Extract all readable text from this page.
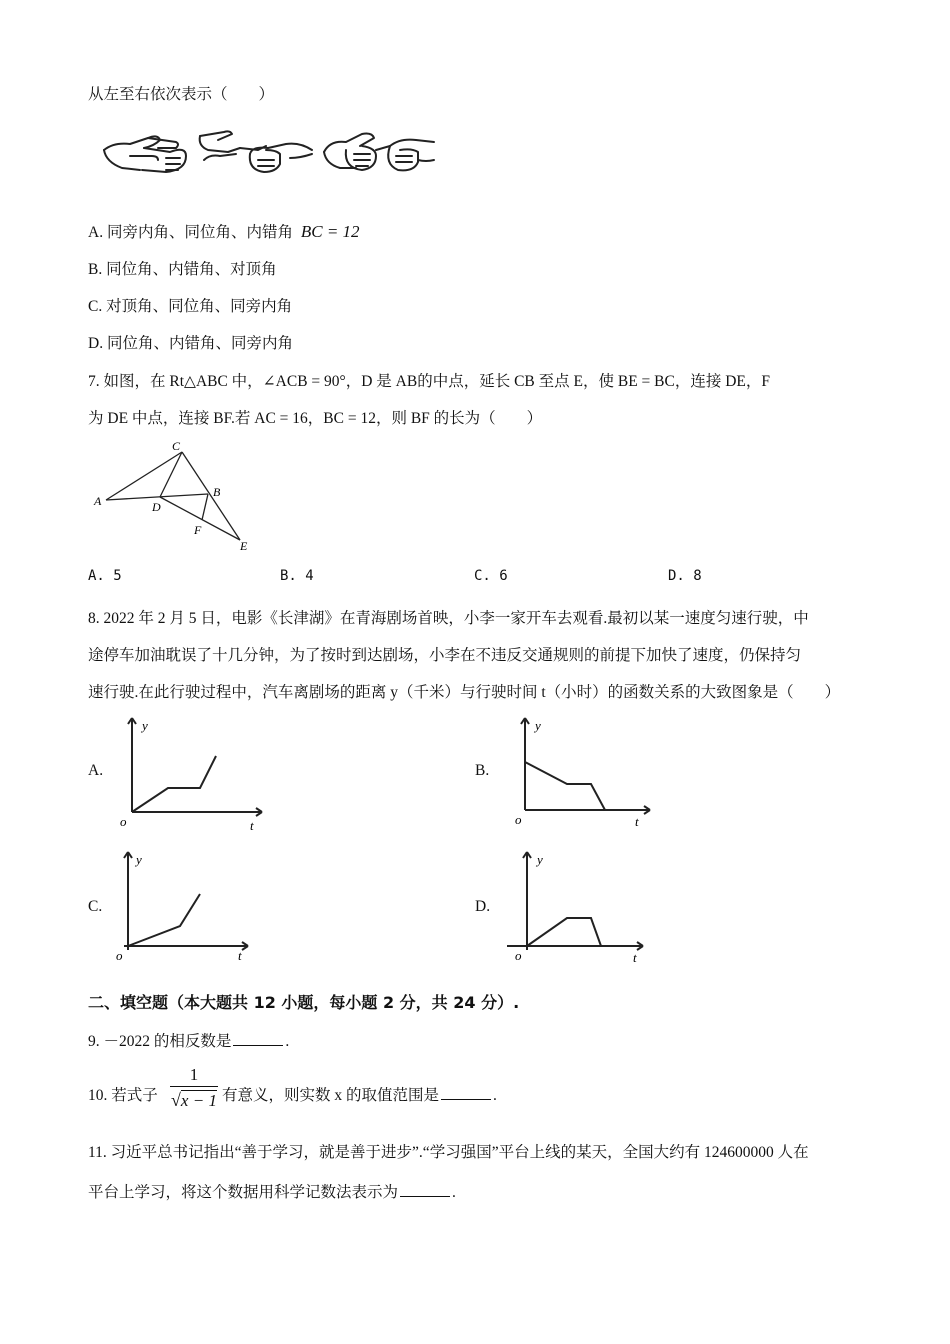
从左至右依次表示（　　）
A. 同旁内角、同位角、内错角 BC = 12
B. 同位角、内错角、对顶角
C. 对顶角、同位角、同旁内角
D. 同位角、内错角、同旁内角
7. 如图，在 Rt△ABC 中，∠ACB = 90°，D 是 AB的中点，延长 CB 至点 E，使 BE = BC，连接 DE，F
为 DE 中点，连接 BF.若 AC = 16，BC = 12，则 BF 的长为（　　）
C
A
B
D
F
E
A. 5	B. 4	C. 6	D. 8
8. 2022 年 2 月 5 日，电影《长津湖》在青海剧场首映，小李一家开车去观看.最初以某一速度匀速行驶，中
途停车加油耽误了十几分钟，为了按时到达剧场，小李在不违反交通规则的前提下加快了速度，仍保持匀
速行驶.在此行驶过程中，汽车离剧场的距离 y（千米）与行驶时间 t（小时）的函数关系的大致图象是（　　）
A.
y
t
o
B.
y
t
o
C.
y
t
o
D.
y
t
o
二、填空题（本大题共 12 小题，每小题 2 分，共 24 分）.
9. －2022 的相反数是	.
10. 若式子
1
√x − 1 有意义，则实数 x 的取值范围是	.
11. 习近平总书记指出“善于学习，就是善于进步”.“学习强国”平台上线的某天，全国大约有 124600000 人在
平台上学习，将这个数据用科学记数法表示为	.
